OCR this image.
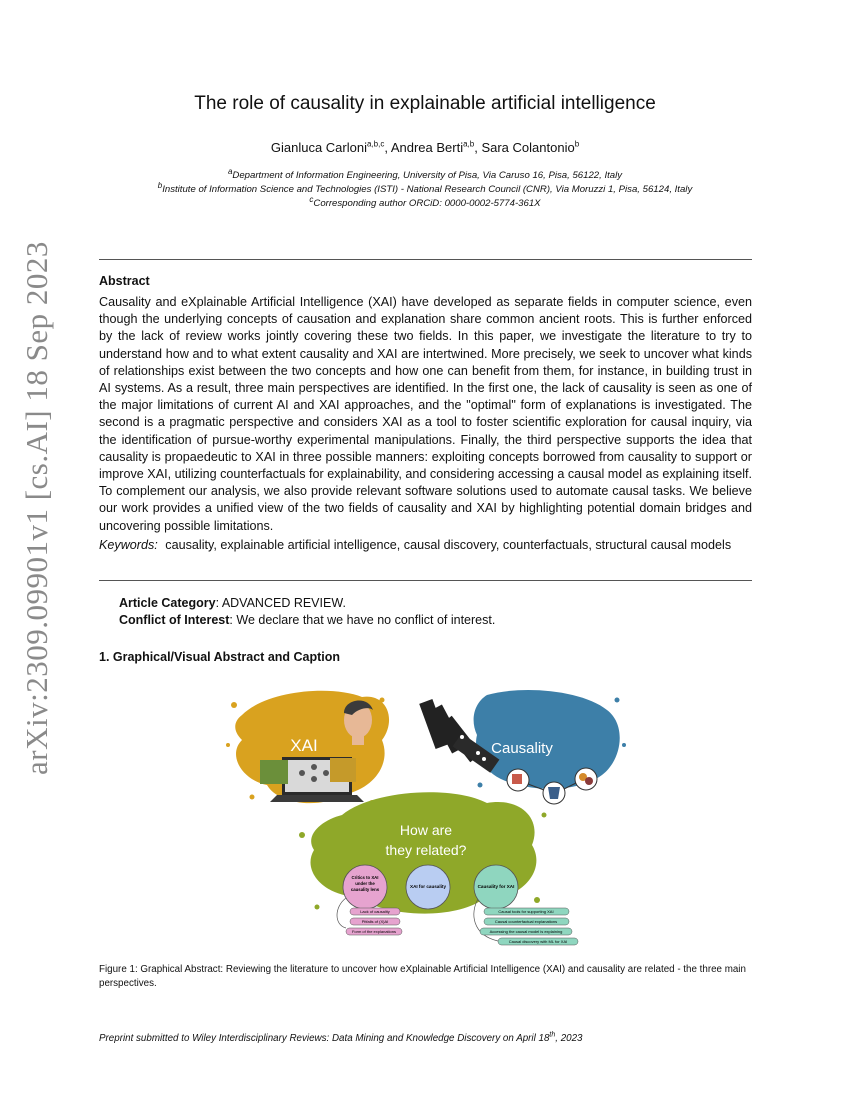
arXiv:2309.09901v1 [cs.AI] 18 Sep 2023
The role of causality in explainable artificial intelligence
Gianluca Carloni$^{a,b,c}$, Andrea Berti$^{a,b}$, Sara Colantonio$^b$
$^a$Department of Information Engineering, University of Pisa, Via Caruso 16, Pisa, 56122, Italy
$^b$Institute of Information Science and Technologies (ISTI) - National Research Council (CNR), Via Moruzzi 1, Pisa, 56124, Italy
$^c$Corresponding author ORCiD: 0000-0002-5774-361X
Abstract
Causality and eXplainable Artificial Intelligence (XAI) have developed as separate fields in computer science, even though the underlying concepts of causation and explanation share common ancient roots. This is further enforced by the lack of review works jointly covering these two fields. In this paper, we investigate the literature to try to understand how and to what extent causality and XAI are intertwined. More precisely, we seek to uncover what kinds of relationships exist between the two concepts and how one can benefit from them, for instance, in building trust in AI systems. As a result, three main perspectives are identified. In the first one, the lack of causality is seen as one of the major limitations of current AI and XAI approaches, and the "optimal" form of explanations is investigated. The second is a pragmatic perspective and considers XAI as a tool to foster scientific exploration for causal inquiry, via the identification of pursue-worthy experimental manipulations. Finally, the third perspective supports the idea that causality is propaedeutic to XAI in three possible manners: exploiting concepts borrowed from causality to support or improve XAI, utilizing counterfactuals for explainability, and considering accessing a causal model as explaining itself. To complement our analysis, we also provide relevant software solutions used to automate causal tasks. We believe our work provides a unified view of the two fields of causality and XAI by highlighting potential domain bridges and uncovering possible limitations.
Keywords: causality, explainable artificial intelligence, causal discovery, counterfactuals, structural causal models
Article Category: ADVANCED REVIEW.
Conflict of Interest: We declare that we have no conflict of interest.
1. Graphical/Visual Abstract and Caption
XAI	Causality
How are
they related?
Critics to XAI
under the
causality lens
XAI for causality	Causality for XAI
Lack of causality
Pitfalls of (X)AI
Form of the explanations
Causal tools for supporting XAI
Causal counterfactual explanations
Accessing the causal model is explaining
Causal discovery with ML for XAI
Figure 1: Graphical Abstract: Reviewing the literature to uncover how eXplainable Artificial Intelligence (XAI) and causality are related - the three main perspectives.
Preprint submitted to Wiley Interdisciplinary Reviews: Data Mining and Knowledge Discovery on April 18th, 2023
